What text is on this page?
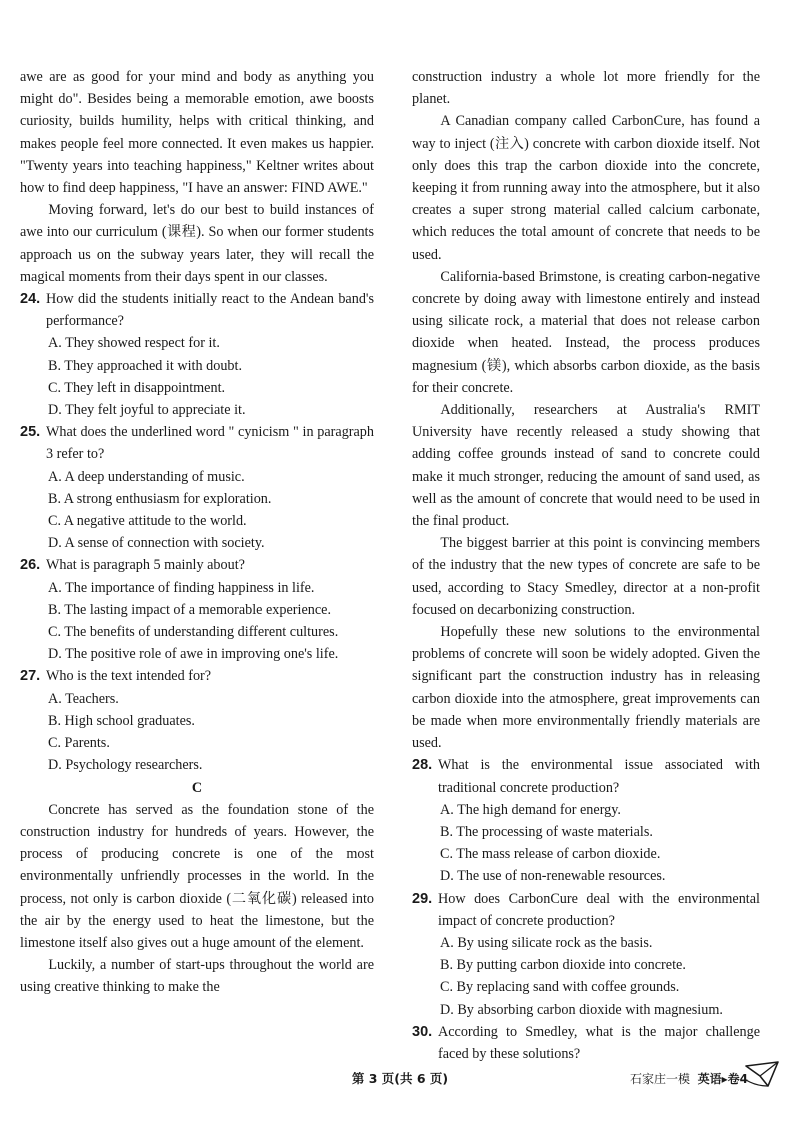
awe are as good for your mind and body as anything you might do". Besides being a memorable emotion, awe boosts curiosity, builds humility, helps with critical thinking, and makes people feel more connected. It even makes us happier. "Twenty years into teaching happiness," Keltner writes about how to find deep happiness, "I have an answer: FIND AWE."

Moving forward, let's do our best to build instances of awe into our curriculum (课程). So when our former students approach us on the subway years later, they will recall the magical moments from their days spent in our classes.

24. How did the students initially react to the Andean band's performance?

A. They showed respect for it.

B. They approached it with doubt.

C. They left in disappointment.

D. They felt joyful to appreciate it.

25. What does the underlined word " cynicism " in paragraph 3 refer to?

A. A deep understanding of music.

B. A strong enthusiasm for exploration.

C. A negative attitude to the world.

D. A sense of connection with society.

26. What is paragraph 5 mainly about?

A. The importance of finding happiness in life.

B. The lasting impact of a memorable experience.

C. The benefits of understanding different cultures.

D. The positive role of awe in improving one's life.

27. Who is the text intended for?

A. Teachers.

B. High school graduates.

C. Parents.

D. Psychology researchers.

C

Concrete has served as the foundation stone of the construction industry for hundreds of years. However, the process of producing concrete is one of the most environmentally unfriendly processes in the world. In the process, not only is carbon dioxide (二氧化碳) released into the air by the energy used to heat the limestone, but the limestone itself also gives out a huge amount of the element.

Luckily, a number of start-ups throughout the world are using creative thinking to make the

construction industry a whole lot more friendly for the planet.

A Canadian company called CarbonCure, has found a way to inject (注入) concrete with carbon dioxide itself. Not only does this trap the carbon dioxide into the concrete, keeping it from running away into the atmosphere, but it also creates a super strong material called calcium carbonate, which reduces the total amount of concrete that needs to be used.

California-based Brimstone, is creating carbon-negative concrete by doing away with limestone entirely and instead using silicate rock, a material that does not release carbon dioxide when heated. Instead, the process produces magnesium (镁), which absorbs carbon dioxide, as the basis for their concrete.

Additionally, researchers at Australia's RMIT University have recently released a study showing that adding coffee grounds instead of sand to concrete could make it much stronger, reducing the amount of sand used, as well as the amount of concrete that would need to be used in the final product.

The biggest barrier at this point is convincing members of the industry that the new types of concrete are safe to be used, according to Stacy Smedley, director at a non-profit focused on decarbonizing construction.

Hopefully these new solutions to the environmental problems of concrete will soon be widely adopted. Given the significant part the construction industry has in releasing carbon dioxide into the atmosphere, great improvements can be made when more environmentally friendly materials are used.

28. What is the environmental issue associated with traditional concrete production?

A. The high demand for energy.

B. The processing of waste materials.

C. The mass release of carbon dioxide.

D. The use of non-renewable resources.

29. How does CarbonCure deal with the environmental impact of concrete production?

A. By using silicate rock as the basis.

B. By putting carbon dioxide into concrete.

C. By replacing sand with coffee grounds.

D. By absorbing carbon dioxide with magnesium.

30. According to Smedley, what is the major challenge faced by these solutions?

第 3 页(共 6 页)	石家庄一模 英语▸卷4
